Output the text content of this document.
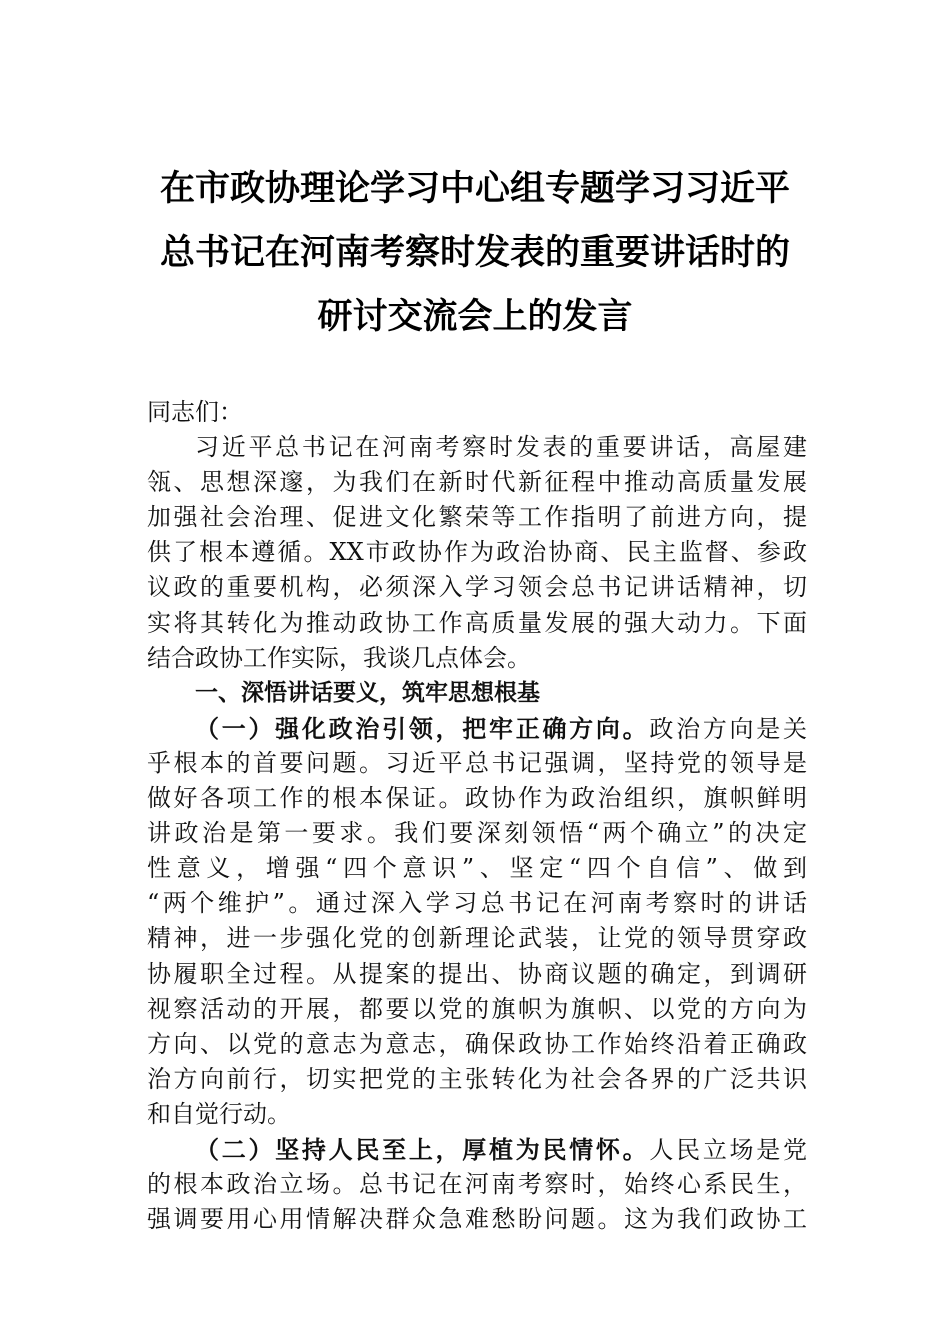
在市政协理论学习中心组专题学习习近平
总书记在河南考察时发表的重要讲话时的
研讨交流会上的发言
同志们：
习近平总书记在河南考察时发表的重要讲话，高屋建
瓴、思想深邃，为我们在新时代新征程中推动高质量发展
加强社会治理、促进文化繁荣等工作指明了前进方向，提
供了根本遵循。XX市政协作为政治协商、民主监督、参政
议政的重要机构，必须深入学习领会总书记讲话精神，切
实将其转化为推动政协工作高质量发展的强大动力。下面
结合政协工作实际，我谈几点体会。
一、深悟讲话要义，筑牢思想根基
（一）强化政治引领，把牢正确方向。政治方向是关
乎根本的首要问题。习近平总书记强调，坚持党的领导是
做好各项工作的根本保证。政协作为政治组织，旗帜鲜明
讲政治是第一要求。我们要深刻领悟“两个确立”的决定
性意义，增强“四个意识”、坚定“四个自信”、做到
“两个维护”。通过深入学习总书记在河南考察时的讲话
精神，进一步强化党的创新理论武装，让党的领导贯穿政
协履职全过程。从提案的提出、协商议题的确定，到调研
视察活动的开展，都要以党的旗帜为旗帜、以党的方向为
方向、以党的意志为意志，确保政协工作始终沿着正确政
治方向前行，切实把党的主张转化为社会各界的广泛共识
和自觉行动。
（二）坚持人民至上，厚植为民情怀。人民立场是党
的根本政治立场。总书记在河南考察时，始终心系民生，
强调要用心用情解决群众急难愁盼问题。这为我们政协工
